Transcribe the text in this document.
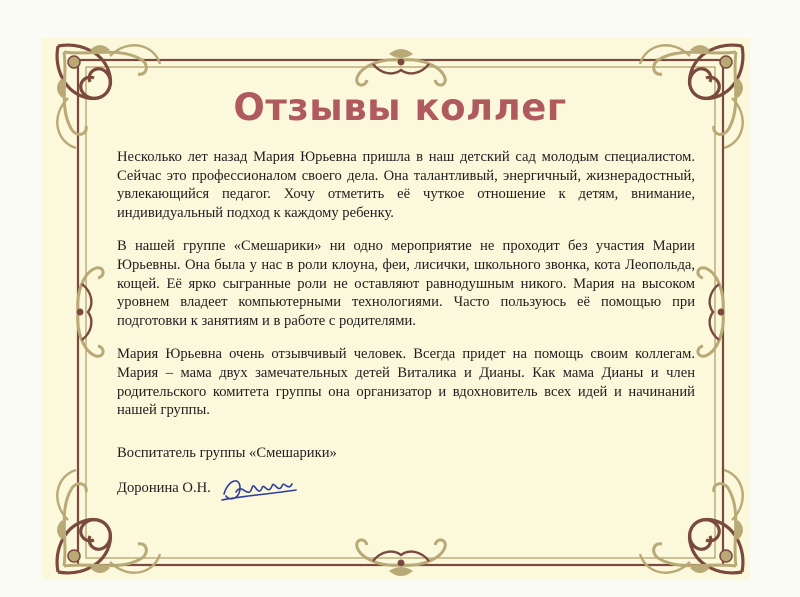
Отзывы коллег

Несколько лет назад Мария Юрьевна пришла в наш детский сад молодым специалистом. Сейчас это профессионалом своего дела. Она талантливый, энергичный, жизнерадостный, увлекающийся педагог. Хочу отметить её чуткое отношение к детям, внимание, индивидуальный подход к каждому ребенку.

В нашей группе «Смешарики» ни одно мероприятие не проходит без участия Марии Юрьевны. Она была у нас в роли клоуна, феи, лисички, школьного звонка, кота Леопольда, кощей. Её ярко сыгранные роли не оставляют равнодушным никого. Мария на высоком уровнем владеет компьютерными технологиями. Часто пользуюсь её помощью при подготовки к занятиям и в работе с родителями.

Мария Юрьевна очень отзывчивый человек. Всегда придет на помощь своим коллегам. Мария – мама двух замечательных детей Виталика и Дианы. Как мама Дианы и член родительского комитета группы она организатор и вдохновитель всех идей и начинаний нашей группы.

Воспитатель группы «Смешарики»
Доронина О.Н.
